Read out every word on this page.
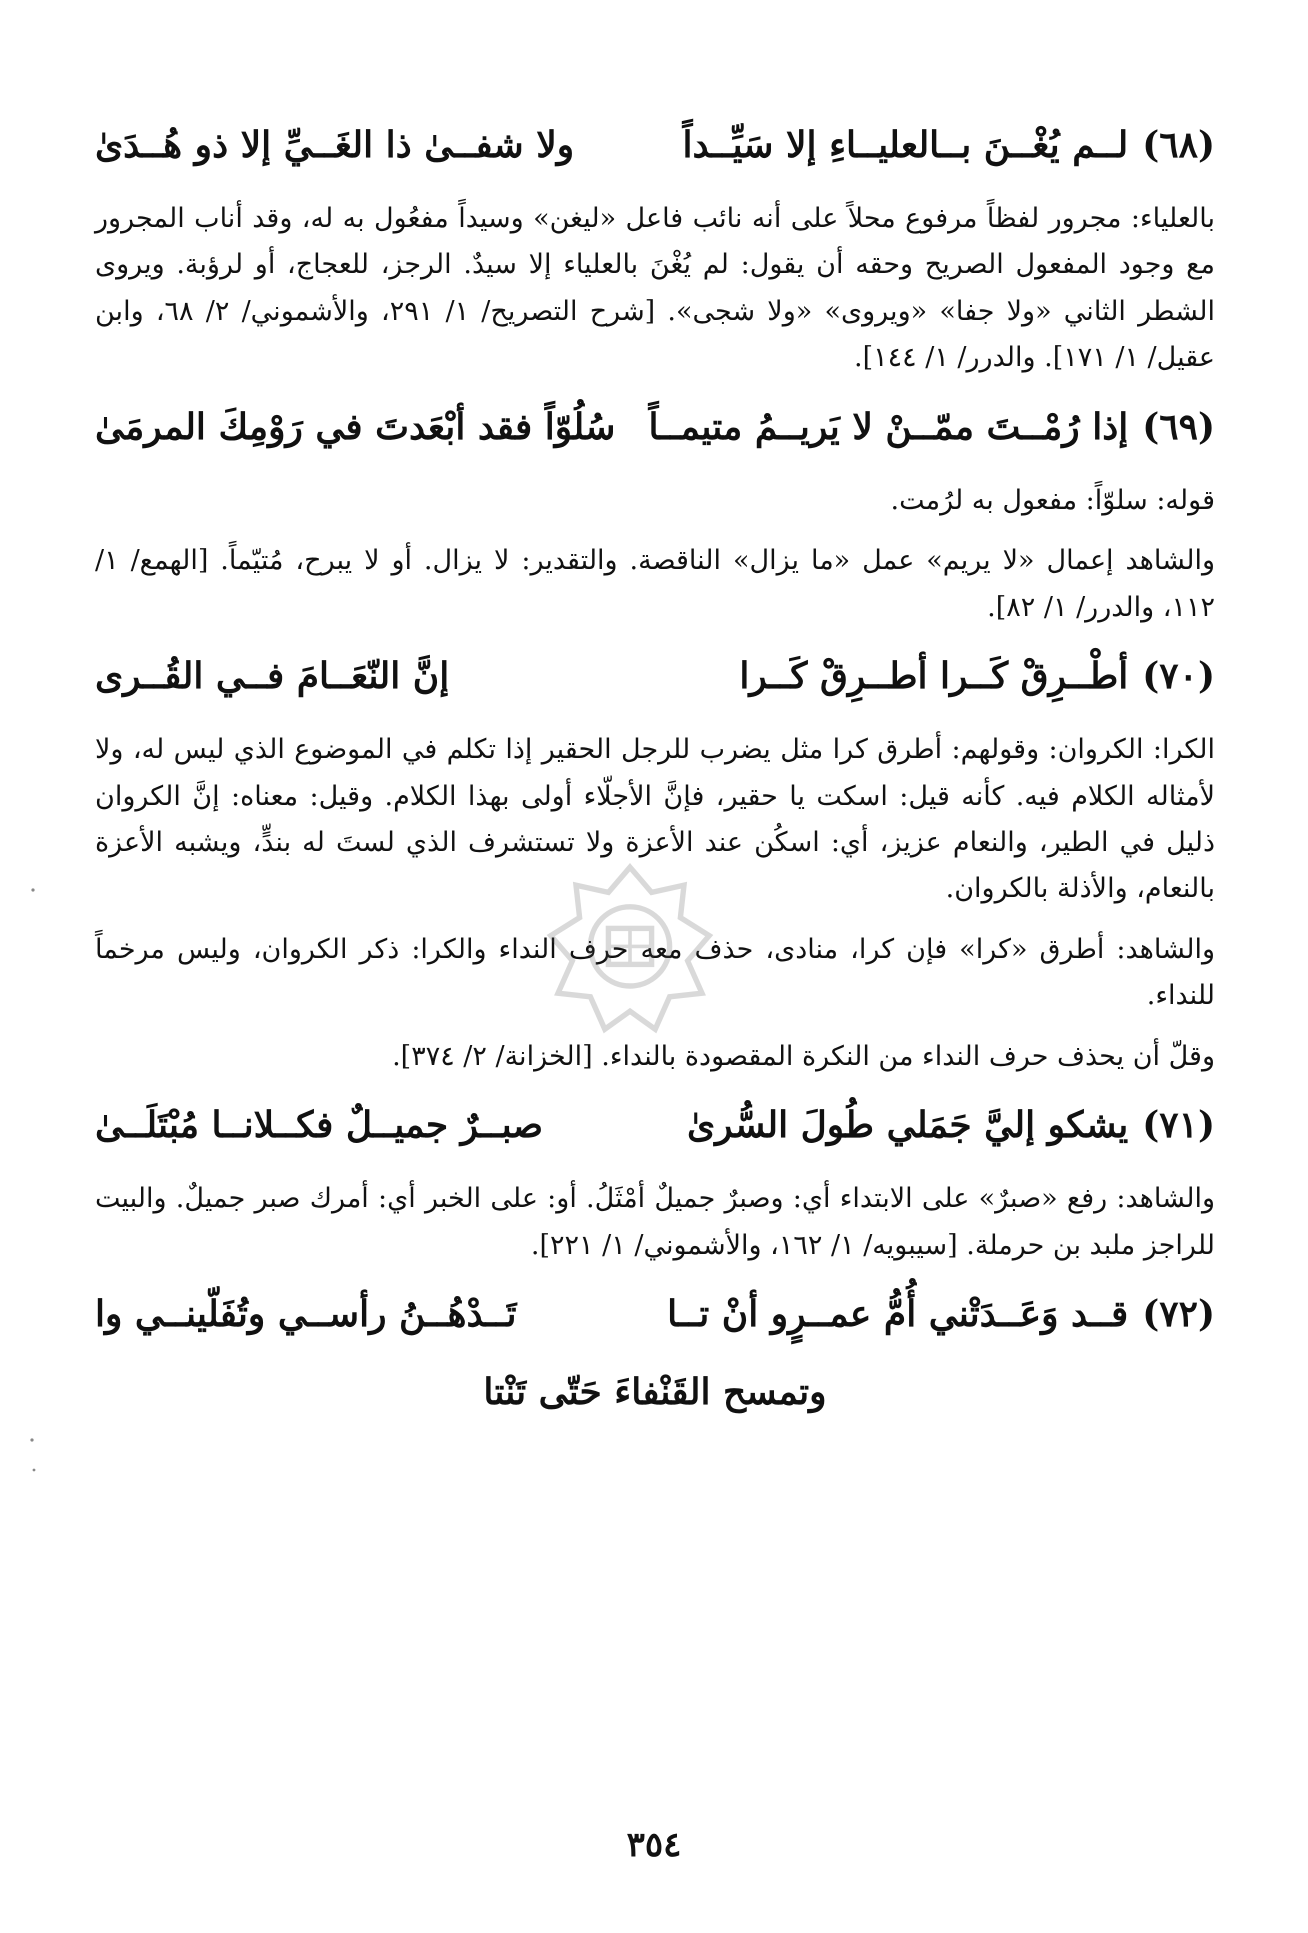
(٦٨)
لــم يُغْــنَ بــالعليــاءِ إلا سَيِّــداً
ولا شفــىٰ ذا الغَــيِّ إلا ذو هُــدَىٰ

بالعلياء: مجرور لفظاً مرفوع محلاً على أنه نائب فاعل «ليغن» وسيداً مفعُول به له، وقد أناب المجرور مع وجود المفعول الصريح وحقه أن يقول: لم يُغْنَ بالعلياء إلا سيدٌ. الرجز، للعجاج، أو لرؤبة. ويروى الشطر الثاني «ولا جفا» «ويروى» «ولا شجى». [شرح التصريح/ ١/ ٢٩١، والأشموني/ ٢/ ٦٨، وابن عقيل/ ١/ ١٧١]. والدرر/ ١/ ١٤٤].

(٦٩)
إذا رُمْــتَ ممّــنْ لا يَريــمُ متيمــاً
سُلُوّاً فقد أبْعَدتَ في رَوْمِكَ المرمَىٰ

قوله: سلوّاً: مفعول به لرُمت.

والشاهد إعمال «لا يريم» عمل «ما يزال» الناقصة. والتقدير: لا يزال. أو لا يبرح، مُتيّماً. [الهمع/ ١/ ١١٢، والدرر/ ١/ ٨٢].

(٧٠)
أطْــرِقْ كَــرا أطــرِقْ كَــرا
إنَّ النّعَــامَ فــي القُــرى

الكرا: الكروان: وقولهم: أطرق كرا مثل يضرب للرجل الحقير إذا تكلم في الموضوع الذي ليس له، ولا لأمثاله الكلام فيه. كأنه قيل: اسكت يا حقير، فإنَّ الأجلّاء أولى بهذا الكلام. وقيل: معناه: إنَّ الكروان ذليل في الطير، والنعام عزيز، أي: اسكُن عند الأعزة ولا تستشرف الذي لستَ له بندٍّ، ويشبه الأعزة بالنعام، والأذلة بالكروان.

والشاهد: أطرق «كرا» فإن كرا، منادى، حذف معه حرف النداء والكرا: ذكر الكروان، وليس مرخماً للنداء.

وقلّ أن يحذف حرف النداء من النكرة المقصودة بالنداء. [الخزانة/ ٢/ ٣٧٤].

(٧١)
يشكو إليَّ جَمَلي طُولَ السُّرىٰ
صبــرٌ جميــلٌ فكــلانــا مُبْتَلَــىٰ

والشاهد: رفع «صبرٌ» على الابتداء أي: وصبرٌ جميلٌ أمْثَلُ. أو: على الخبر أي: أمرك صبر جميلٌ. والبيت للراجز ملبد بن حرملة. [سيبويه/ ١/ ١٦٢، والأشموني/ ١/ ٢٢١].

(٧٢)
قــد وَعَــدَتْني أُمُّ عمــرٍو أنْ تــا
تَــدْهُــنُ رأســي وتُفَلّينــي وا
وتمسح القَنْفاءَ حَتّى تَنْتا
٣٥٤
